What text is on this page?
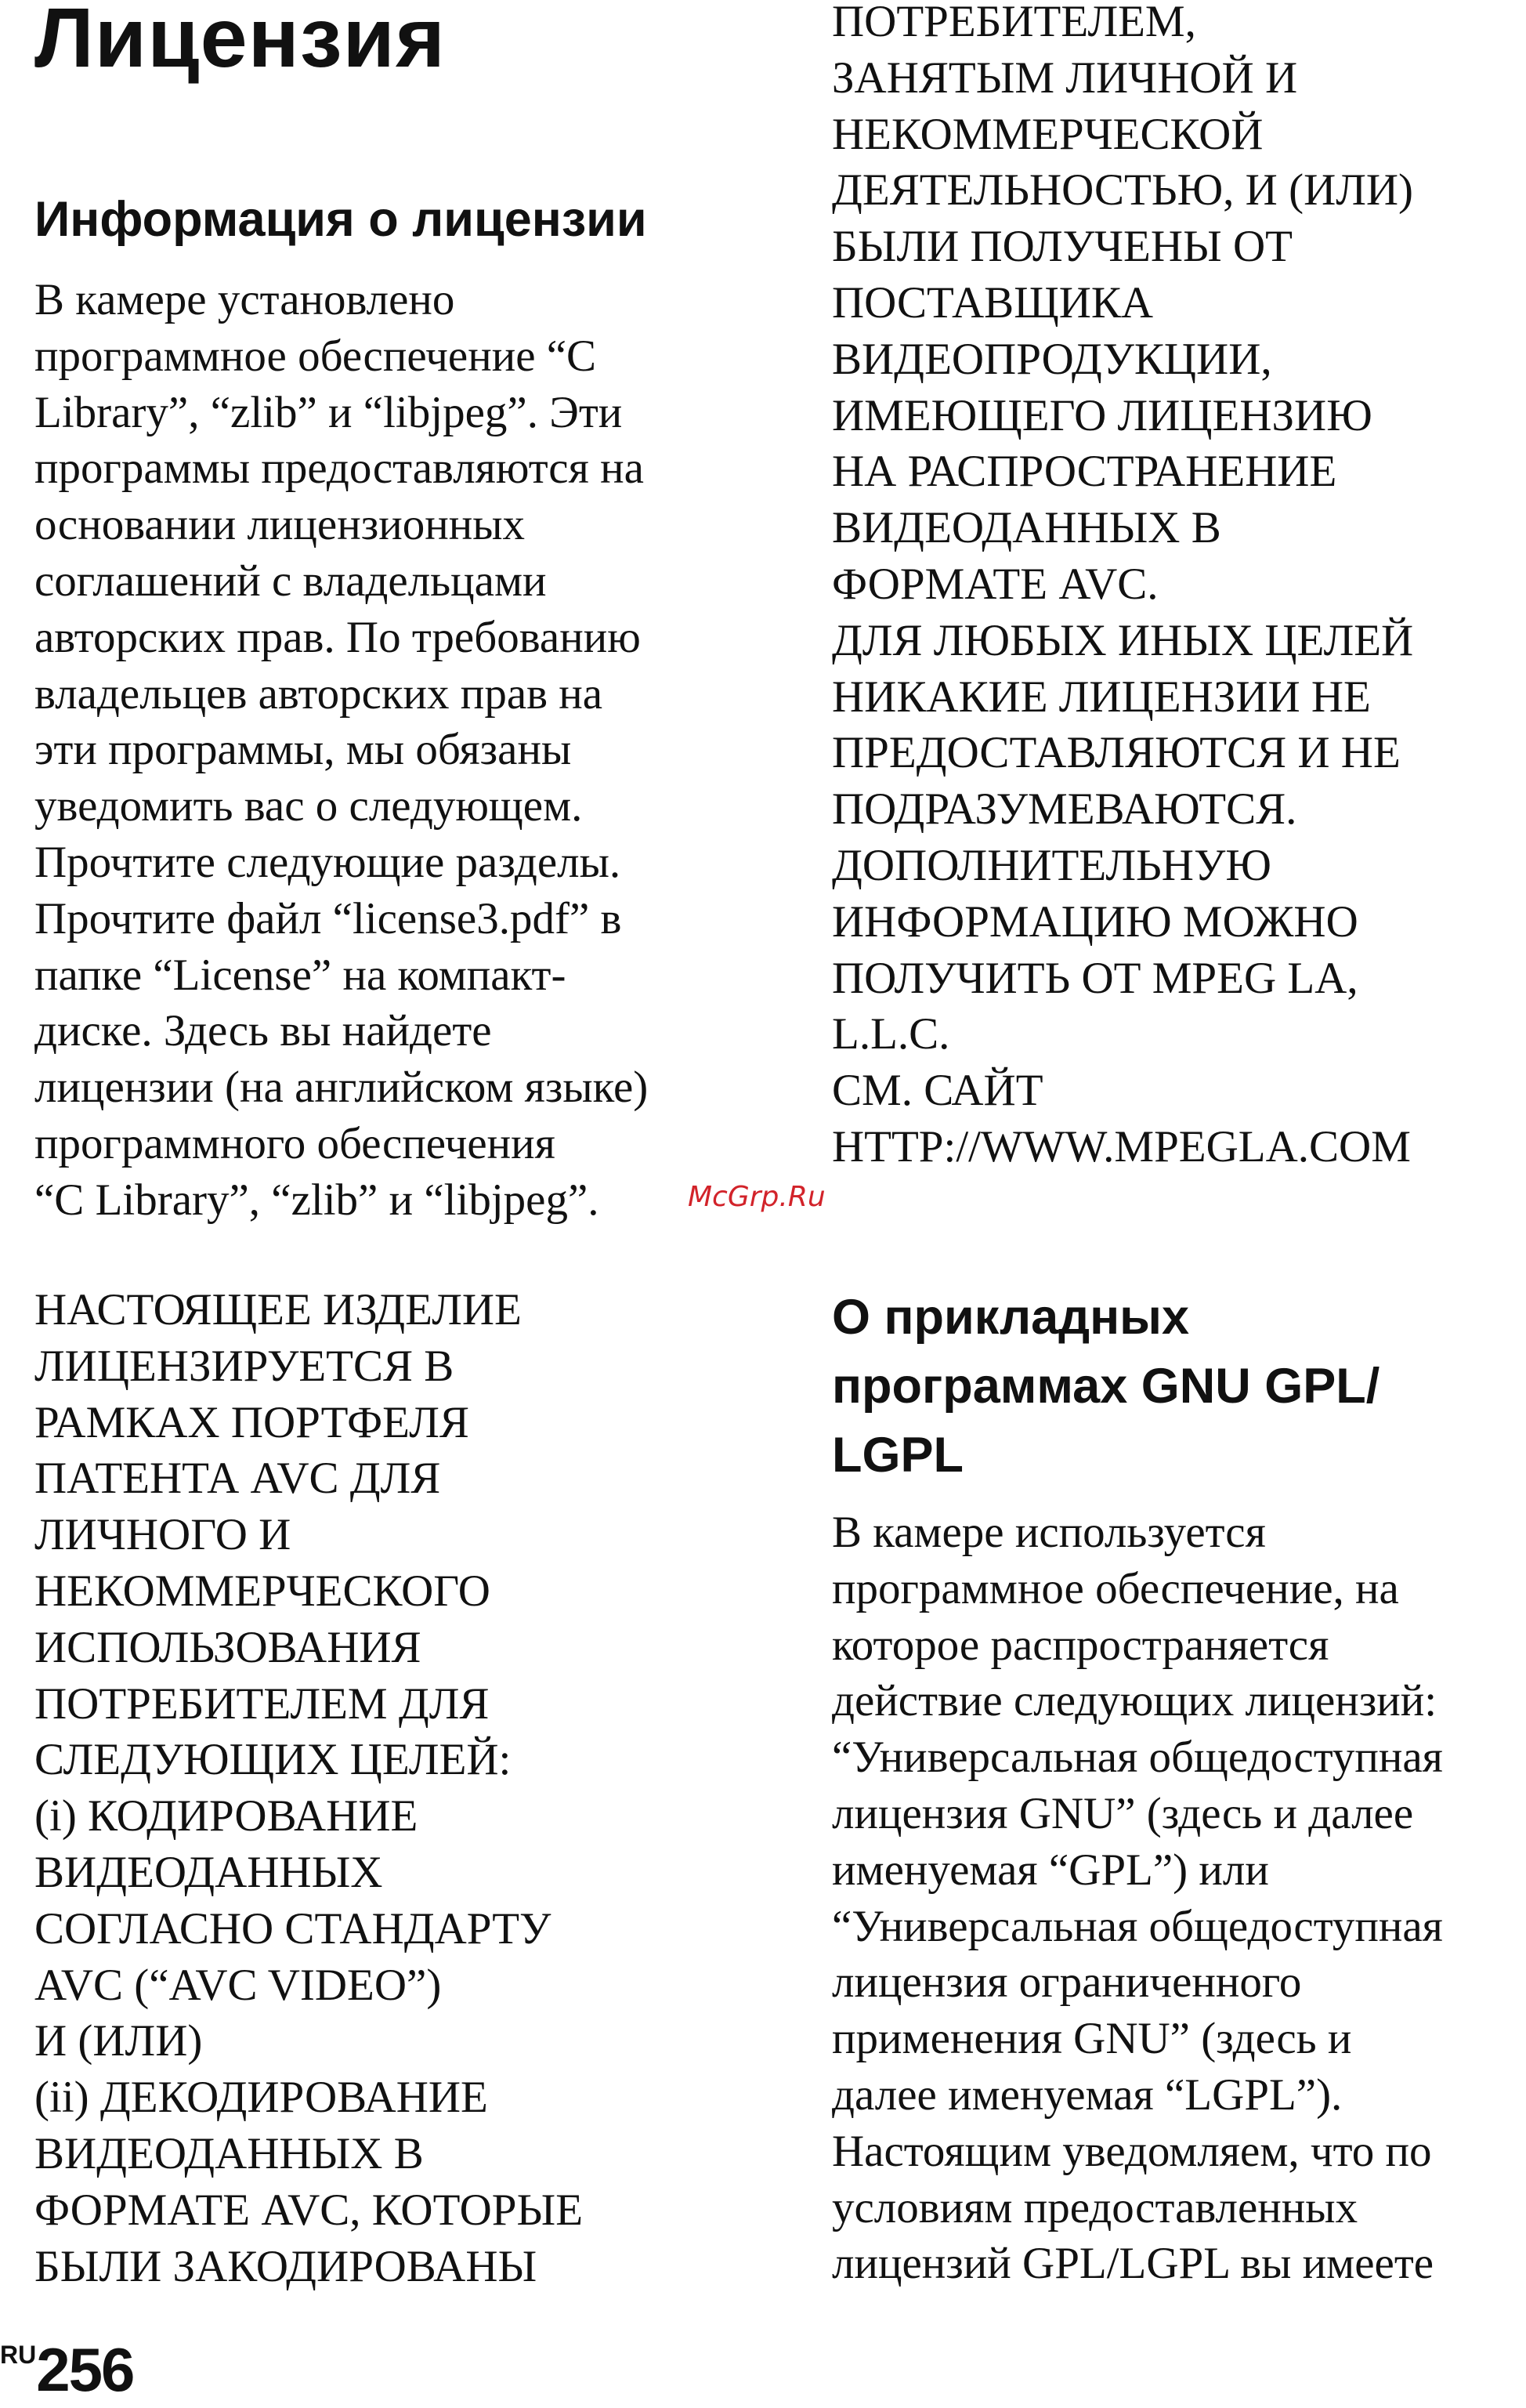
Лицензия
Информация о лицензии
В камере установлено
программное обеспечение “C
Library”, “zlib” и “libjpeg”. Эти
программы предоставляются на
основании лицензионных
соглашений с владельцами
авторских прав. По требованию
владельцев авторских прав на
эти программы, мы обязаны
уведомить вас о следующем.
Прочтите следующие разделы.
Прочтите файл “license3.pdf” в
папке “License” на компакт-
диске. Здесь вы найдете
лицензии (на английском языке)
программного обеспечения
“C Library”, “zlib” и “libjpeg”.	McGrp.Ru
НАСТОЯЩЕЕ ИЗДЕЛИЕ
ЛИЦЕНЗИРУЕТСЯ В
РАМКАХ ПОРТФЕЛЯ
ПАТЕНТА AVC ДЛЯ
ЛИЧНОГО И
НЕКОММЕРЧЕСКОГО
ИСПОЛЬЗОВАНИЯ
ПОТРЕБИТЕЛЕМ ДЛЯ
СЛЕДУЮЩИХ ЦЕЛЕЙ:
(i) КОДИРОВАНИЕ
ВИДЕОДАННЫХ
СОГЛАСНО СТАНДАРТУ
AVC (“AVC VIDEO”)
И (ИЛИ)
(ii) ДЕКОДИРОВАНИЕ
ВИДЕОДАННЫХ В
ФОРМАТЕ AVC, КОТОРЫЕ
БЫЛИ ЗАКОДИРОВАНЫ
ПОТРЕБИТЕЛЕМ,
ЗАНЯТЫМ ЛИЧНОЙ И
НЕКОММЕРЧЕСКОЙ
ДЕЯТЕЛЬНОСТЬЮ, И (ИЛИ)
БЫЛИ ПОЛУЧЕНЫ ОТ
ПОСТАВЩИКА
ВИДЕОПРОДУКЦИИ,
ИМЕЮЩЕГО ЛИЦЕНЗИЮ
НА РАСПРОСТРАНЕНИЕ
ВИДЕОДАННЫХ В
ФОРМАТЕ AVC.
ДЛЯ ЛЮБЫХ ИНЫХ ЦЕЛЕЙ
НИКАКИЕ ЛИЦЕНЗИИ НЕ
ПРЕДОСТАВЛЯЮТСЯ И НЕ
ПОДРАЗУМЕВАЮТСЯ.
ДОПОЛНИТЕЛЬНУЮ
ИНФОРМАЦИЮ МОЖНО
ПОЛУЧИТЬ ОТ MPEG LA,
L.L.C.
СМ. САЙТ
HTTP://WWW.MPEGLA.COM
О прикладных
программах GNU GPL/
LGPL
В камере используется
программное обеспечение, на
которое распространяется
действие следующих лицензий:
“Универсальная общедоступная
лицензия GNU” (здесь и далее
именуемая “GPL”) или
“Универсальная общедоступная
лицензия ограниченного
применения GNU” (здесь и
далее именуемая “LGPL”).
Настоящим уведомляем, что по
условиям предоставленных
лицензий GPL/LGPL вы имеете
RU256
